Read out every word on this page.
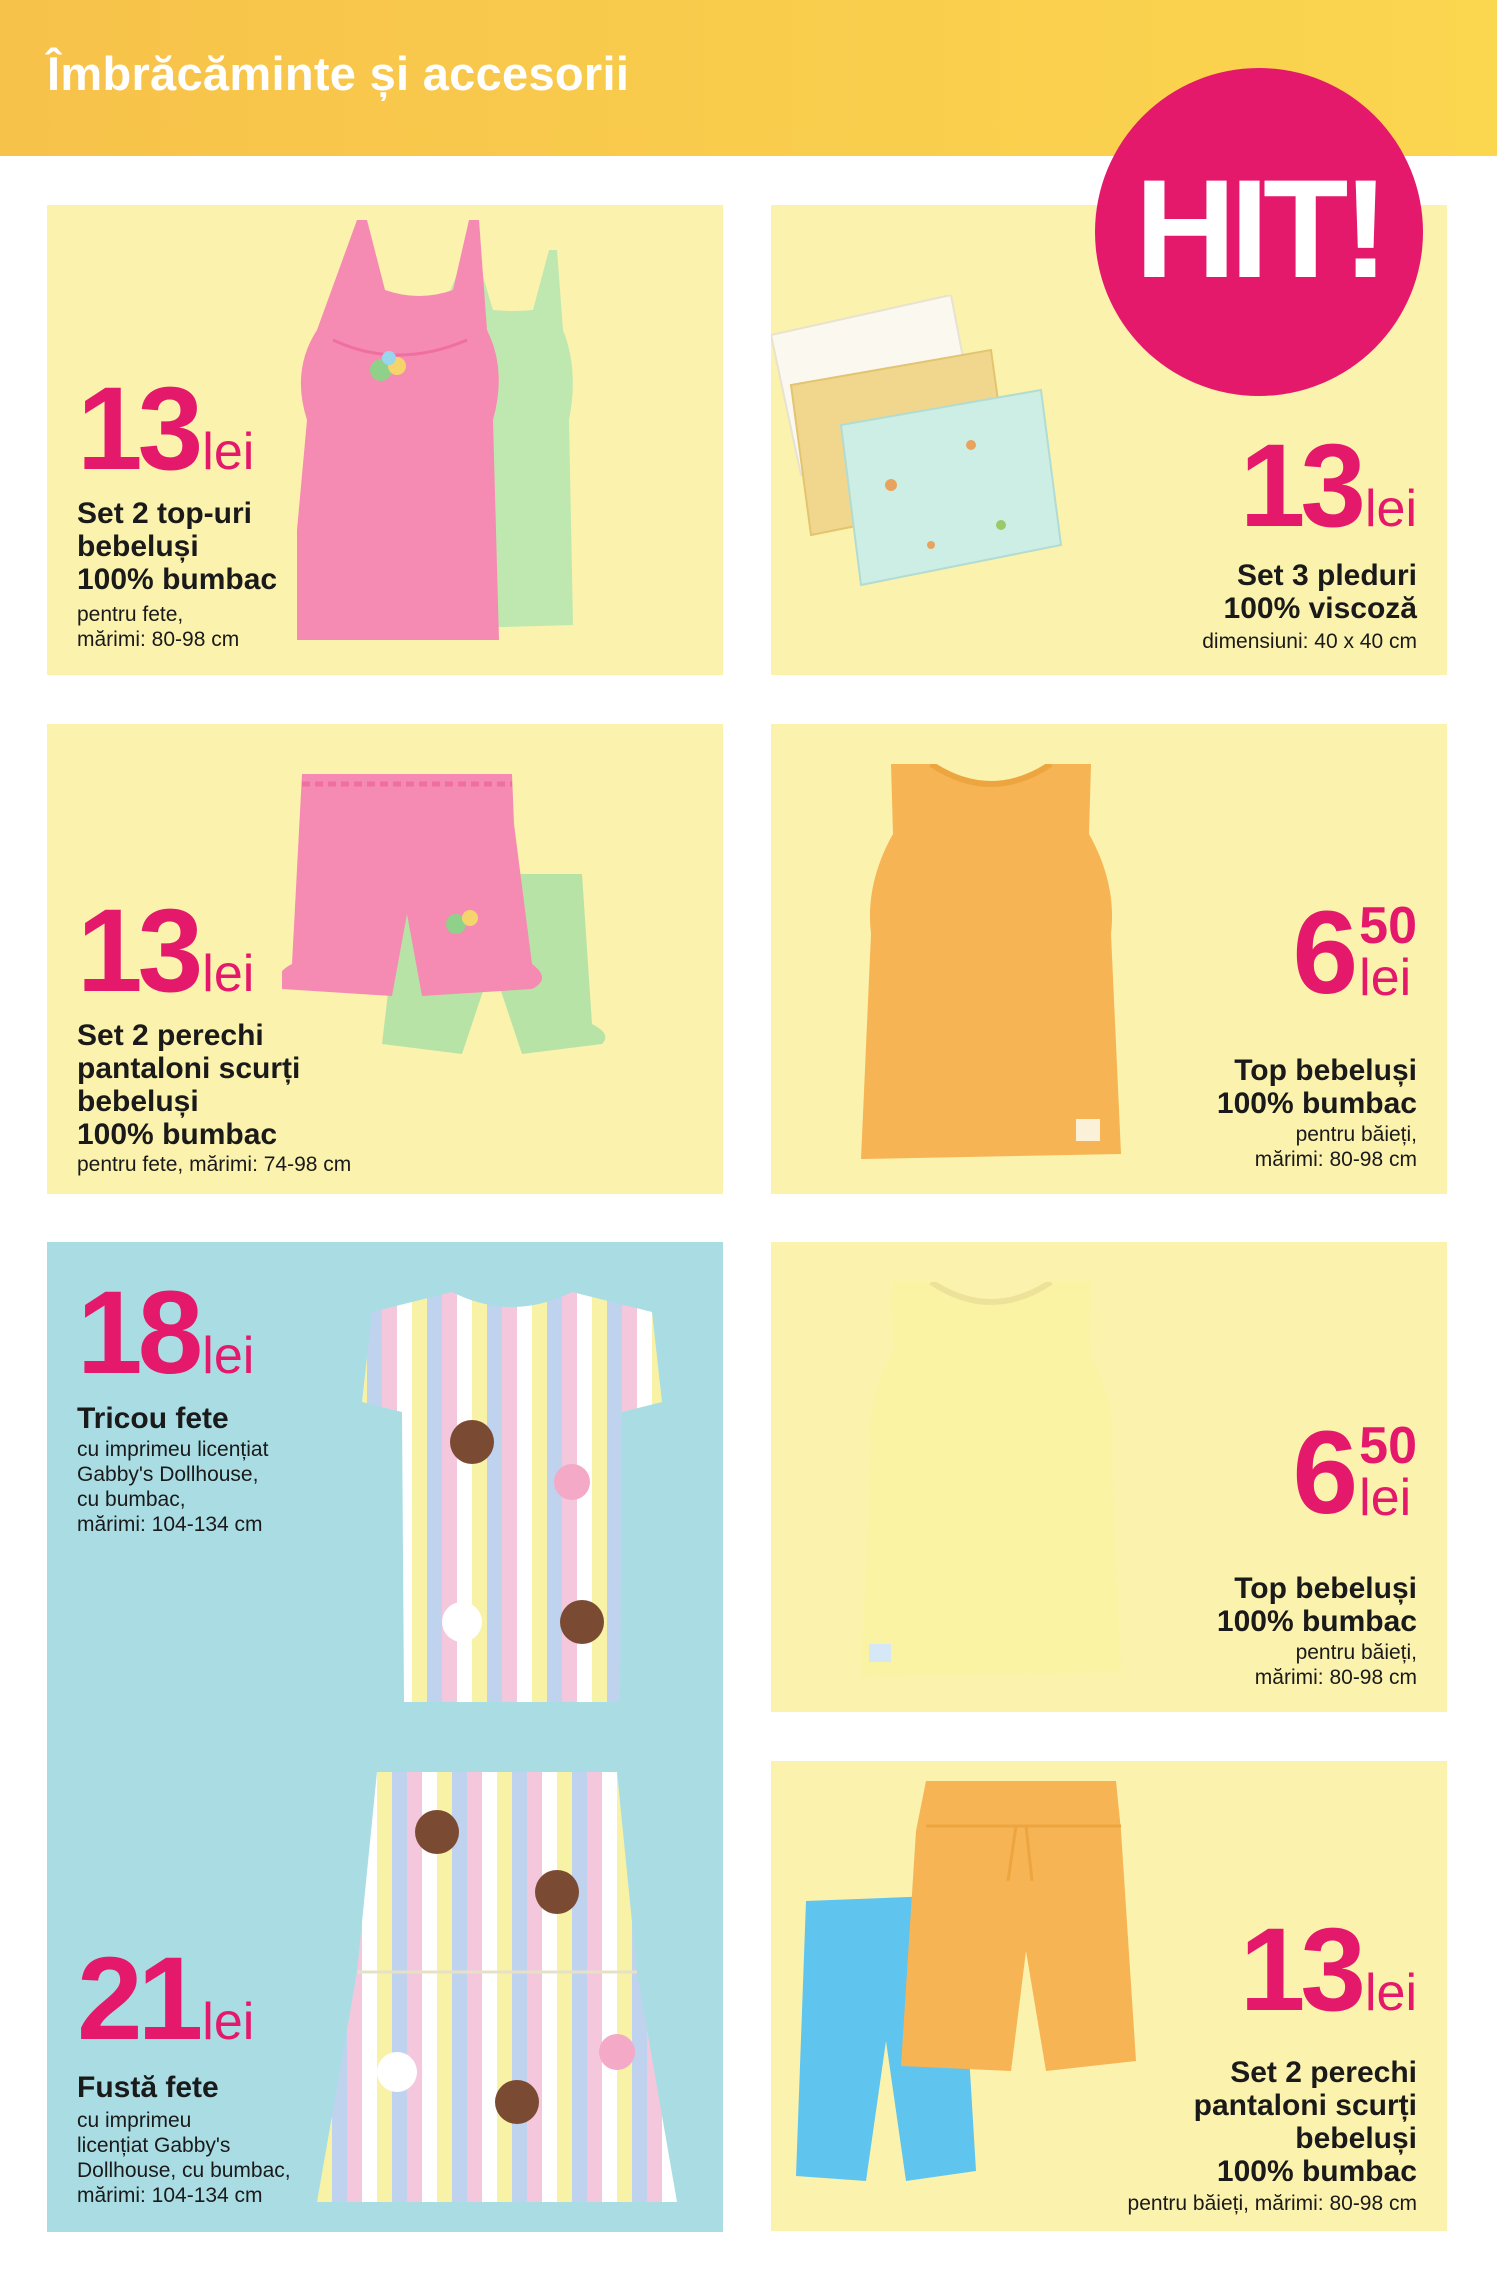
Îmbrăcăminte și accesorii
HIT!
13lei
Set 2 top-uri
bebeluși
100% bumbac
pentru fete,
mărimi: 80-98 cm
13lei
Set 3 pleduri
100% viscoză
dimensiuni: 40 x 40 cm
13lei
Set 2 perechi
pantaloni scurți
bebeluși
100% bumbac
pentru fete, mărimi: 74-98 cm
6 50
lei
Top bebeluși
100% bumbac
pentru băieți,
mărimi: 80-98 cm
18lei
Tricou fete
cu imprimeu licențiat
Gabby's Dollhouse,
cu bumbac,
mărimi: 104-134 cm
21lei
Fustă fete
cu imprimeu
licențiat Gabby's
Dollhouse, cu bumbac,
mărimi: 104-134 cm
6 50
lei
Top bebeluși
100% bumbac
pentru băieți,
mărimi: 80-98 cm
13lei
Set 2 perechi
pantaloni scurți
bebeluși
100% bumbac
pentru băieți, mărimi: 80-98 cm
